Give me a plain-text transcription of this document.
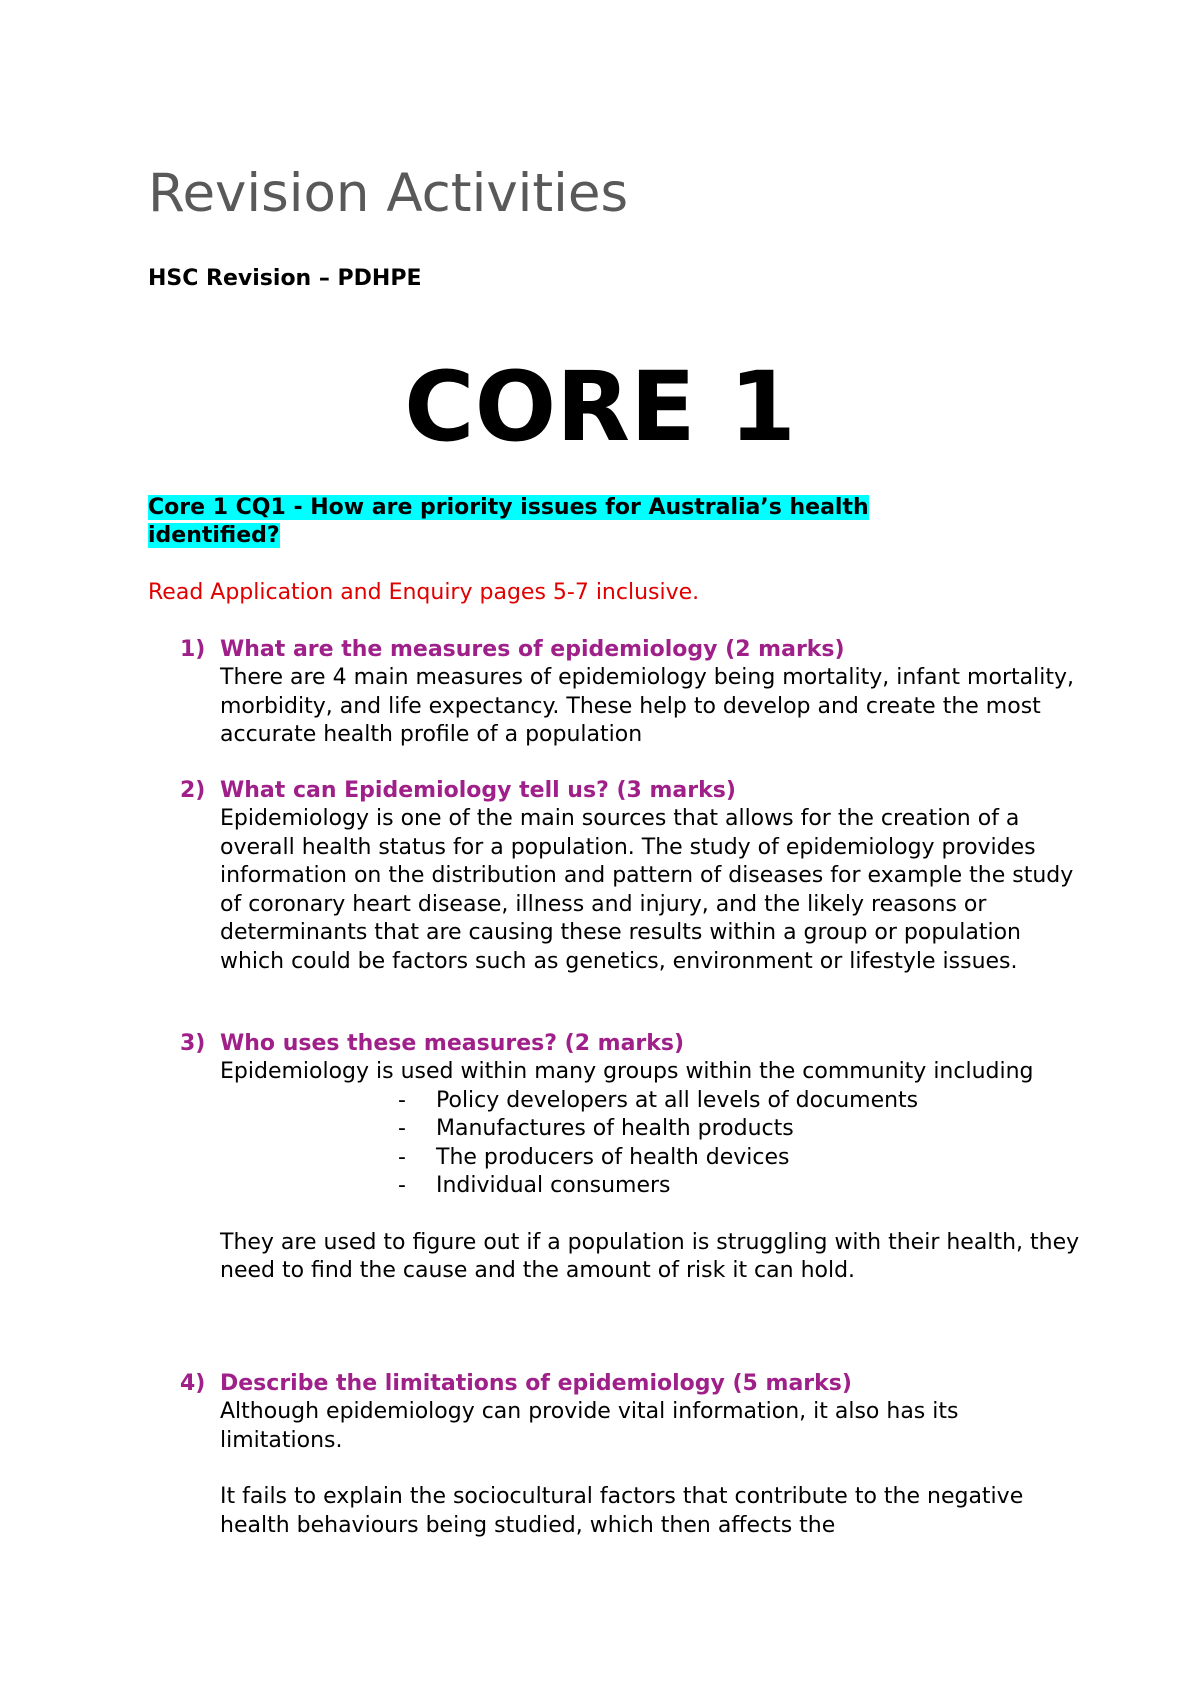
Revision Activities

HSC Revision – PDHPE

CORE 1

Core 1 CQ1 - How are priority issues for Australia’s health identified?

Read Application and Enquiry pages 5-7 inclusive.

1) What are the measures of epidemiology (2 marks)

There are 4 main measures of epidemiology being mortality, infant mortality, morbidity, and life expectancy. These help to develop and create the most accurate health profile of a population

2) What can Epidemiology tell us? (3 marks)

Epidemiology is one of the main sources that allows for the creation of a overall health status for a population. The study of epidemiology provides information on the distribution and pattern of diseases for example the study of coronary heart disease, illness and injury, and the likely reasons or determinants that are causing these results within a group or population which could be factors such as genetics, environment or lifestyle issues.

3) Who uses these measures? (2 marks)

Epidemiology is used within many groups within the community including

- Policy developers at all levels of documents
- Manufactures of health products
- The producers of health devices
- Individual consumers

They are used to figure out if a population is struggling with their health, they need to find the cause and the amount of risk it can hold.

4) Describe the limitations of epidemiology (5 marks)

Although epidemiology can provide vital information, it also has its limitations.

It fails to explain the sociocultural factors that contribute to the negative health behaviours being studied, which then affects the
